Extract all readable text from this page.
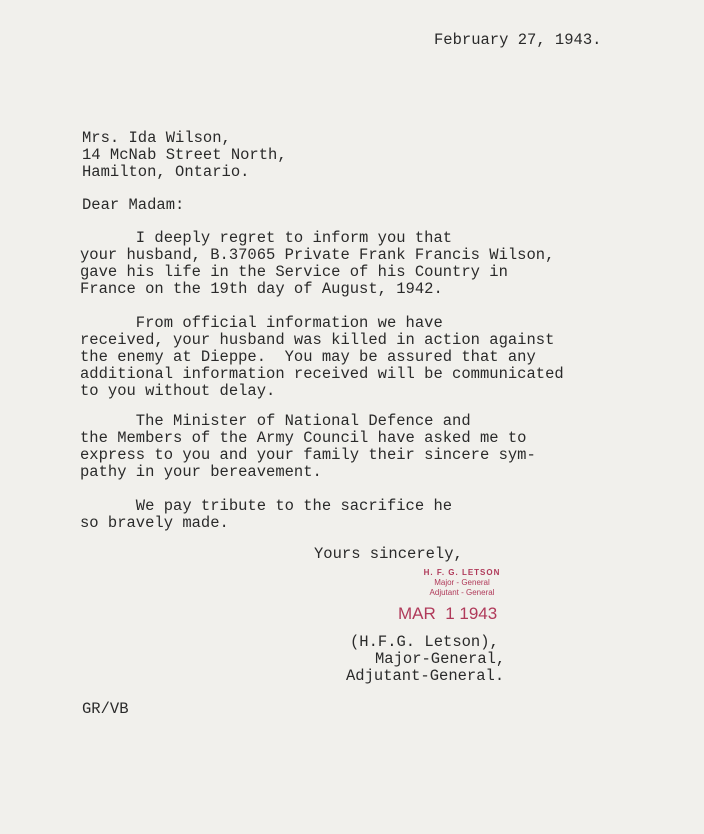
February 27, 1943.
Mrs. Ida Wilson,
14 McNab Street North,
Hamilton, Ontario.
Dear Madam:
I deeply regret to inform you that
your husband, B.37065 Private Frank Francis Wilson,
gave his life in the Service of his Country in
France on the 19th day of August, 1942.
From official information we have
received, your husband was killed in action against
the enemy at Dieppe.  You may be assured that any
additional information received will be communicated
to you without delay.
The Minister of National Defence and
the Members of the Army Council have asked me to
express to you and your family their sincere sym-
pathy in your bereavement.
We pay tribute to the sacrifice he
so bravely made.
Yours sincerely,
H. F. G. LETSON
Major - General
Adjutant - General
MAR  1 1943
(H.F.G. Letson),
Major-General,
Adjutant-General.
GR/VB
